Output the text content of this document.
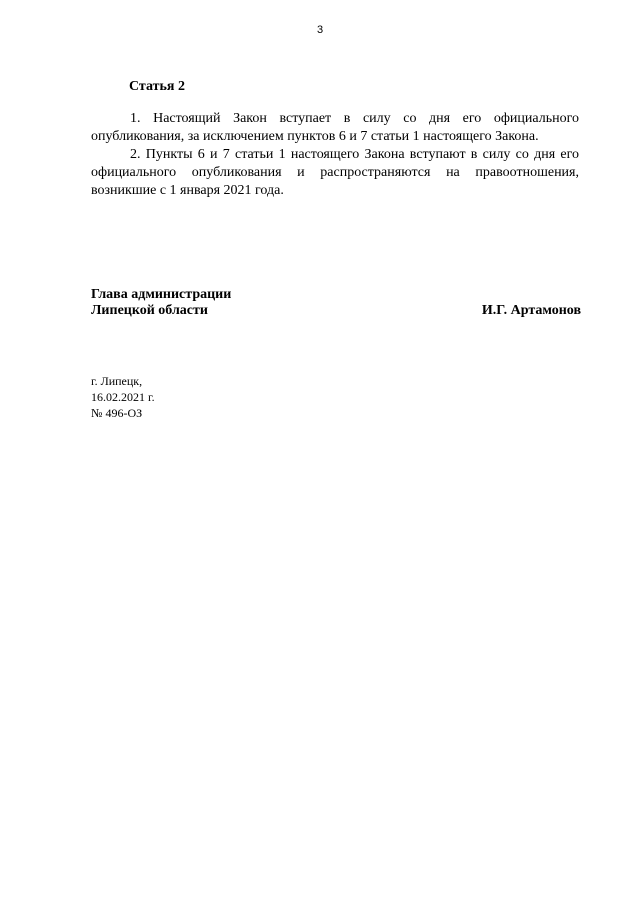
3
Статья 2

1. Настоящий Закон вступает в силу со дня его официального опубликования, за исключением пунктов 6 и 7 статьи 1 настоящего Закона.

2. Пункты 6 и 7 статьи 1 настоящего Закона вступают в силу со дня его официального опубликования и распространяются на правоотношения, возникшие с 1 января 2021 года.

Глава администрации
Липецкой области	И.Г. Артамонов
г. Липецк,
16.02.2021 г.
№ 496-ОЗ
